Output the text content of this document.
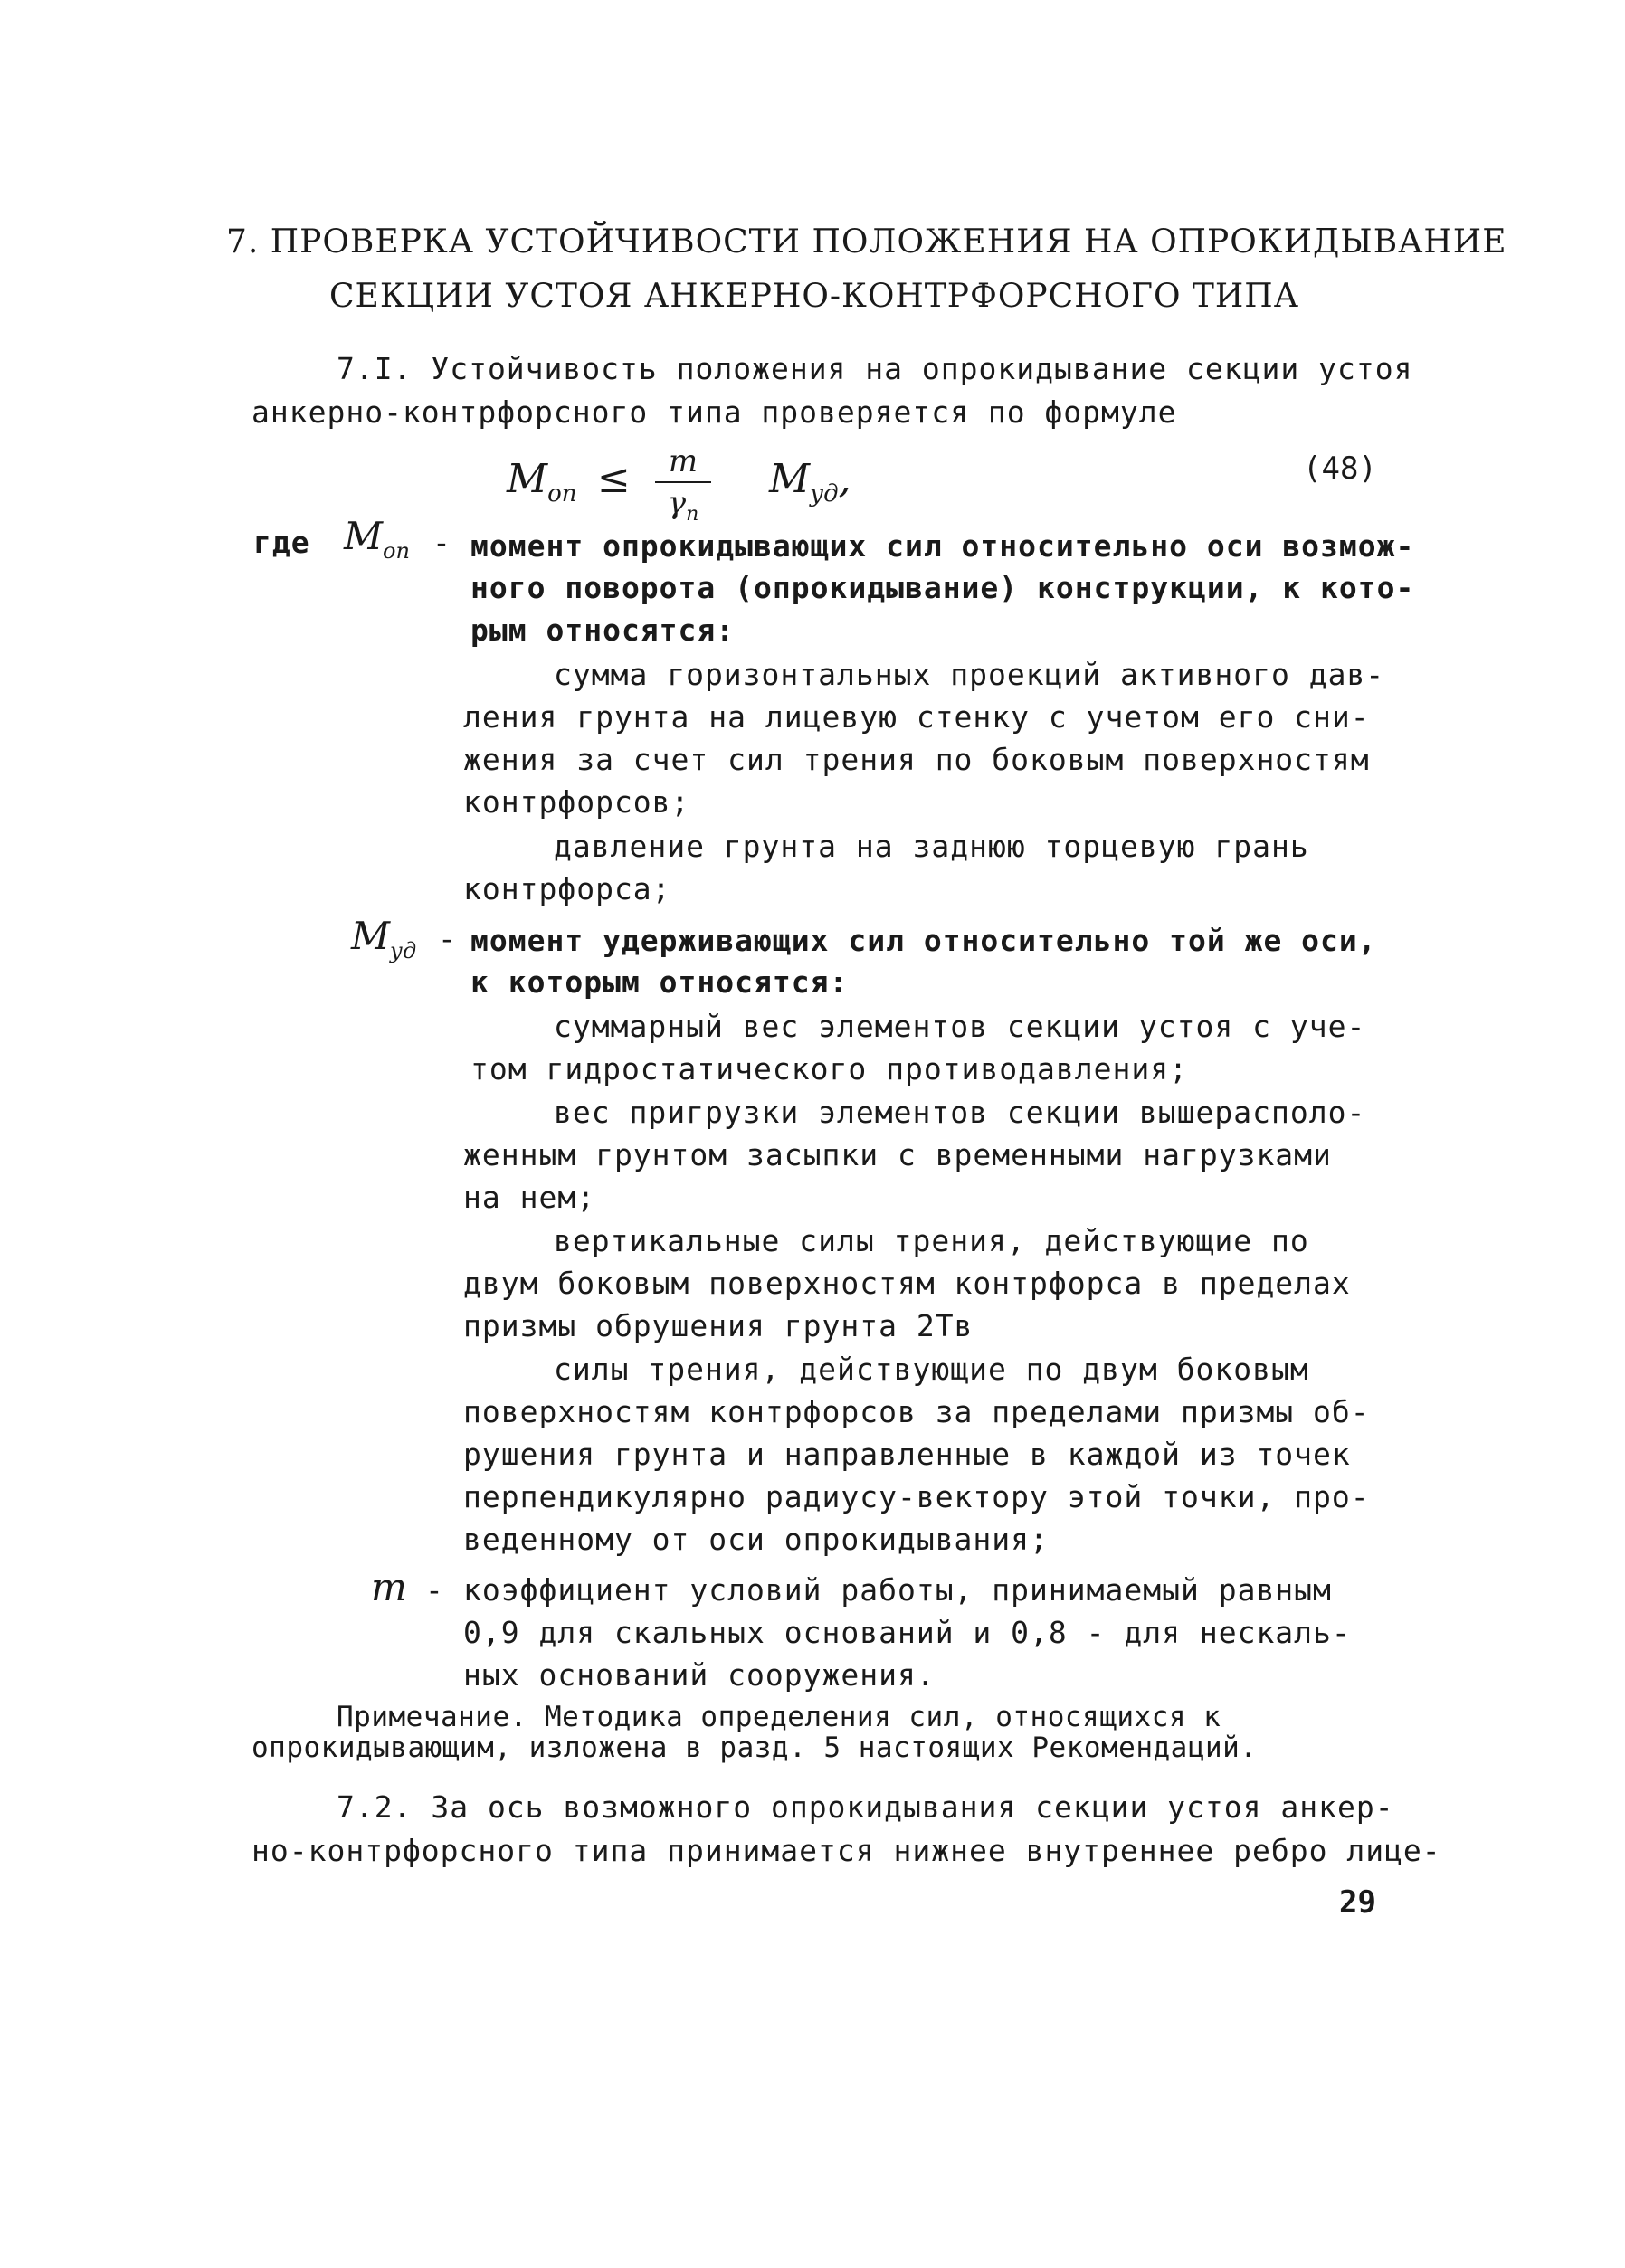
7. ПРОВЕРКА УСТОЙЧИВОСТИ ПОЛОЖЕНИЯ НА ОПРОКИДЫВАНИЕ
СЕКЦИИ УСТОЯ АНКЕРНО-КОНТРФОРСНОГО ТИПА
7.I. Устойчивость положения на опрокидывание секции устоя
анкерно-контрфорсного типа проверяется по формуле
$M_{оп}$ ≤	m
$\gamma_n$
$M_{уд}$,	(48)
где $M_{оп}$ - момент опрокидывающих сил относительно оси возмож-
ного поворота (опрокидывание) конструкции, к кото-
рым относятся:
сумма горизонтальных проекций активного дав-
ления грунта на лицевую стенку с учетом его сни-
жения за счет сил трения по боковым поверхностям
контрфорсов;
давление грунта на заднюю торцевую грань
контрфорса;
$M_{уд}$ - момент удерживающих сил относительно той же оси,
к которым относятся:
суммарный вес элементов секции устоя с уче-
том гидростатического противодавления;
вес пригрузки элементов секции вышерасполо-
женным грунтом засыпки с временными нагрузками
на нем;
вертикальные силы трения, действующие по
двум боковым поверхностям контрфорса в пределах
призмы обрушения грунта 2Tв
силы трения, действующие по двум боковым
поверхностям контрфорсов за пределами призмы об-
рушения грунта и направленные в каждой из точек
перпендикулярно радиусу-вектору этой точки, про-
веденному от оси опрокидывания;
m - коэффициент условий работы, принимаемый равным
0,9 для скальных оснований и 0,8 - для нескаль-
ных оснований сооружения.
Примечание. Методика определения сил, относящихся к
опрокидывающим, изложена в разд. 5 настоящих Рекомендаций.
7.2. За ось возможного опрокидывания секции устоя анкер-
но-контрфорсного типа принимается нижнее внутреннее ребро лице-
29
